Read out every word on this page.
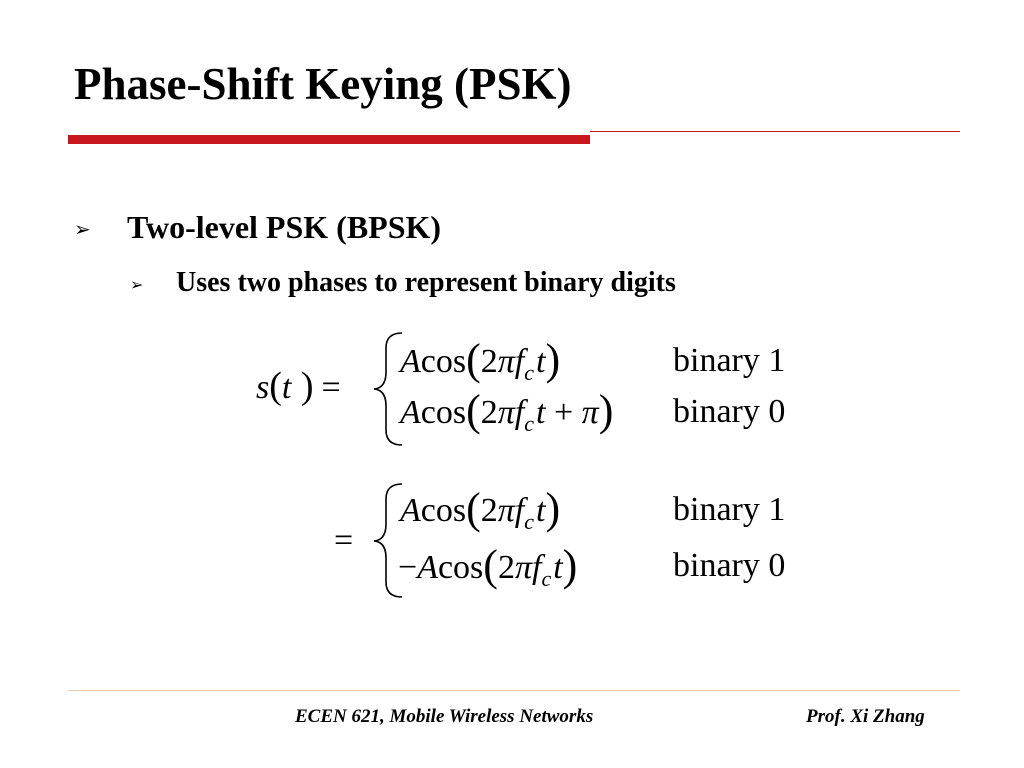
Phase-Shift Keying (PSK)
➢ Two-level PSK (BPSK)
➢ Uses two phases to represent binary digits
s(t ) =
$Acos(2\pi f_ct)$
$Acos(2\pi f_ct + \pi)$
binary 1
binary 0
=
$Acos(2\pi f_ct)$
$-Acos(2\pi f_ct)$
binary 1
binary 0
ECEN 621, Mobile Wireless Networks	Prof. Xi Zhang
